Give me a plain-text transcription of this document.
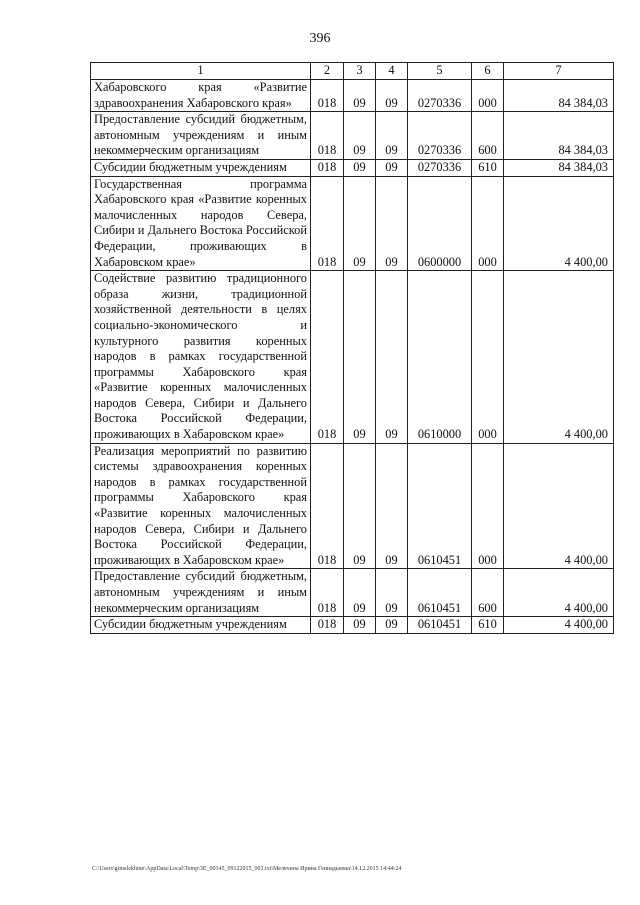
396
1	2	3	4	5	6	7
Хабаровского края «Развитие здравоохранения Хабаровского края»	018	09	09	0270336	000	84 384,03
Предоставление субсидий бюджетным, автономным учреждениям и иным некоммерческим организациям	018	09	09	0270336	600	84 384,03
Субсидии бюджетным учреждениям	018	09	09	0270336	610	84 384,03
Государственная программа Хабаровского края «Развитие коренных малочисленных народов Севера, Сибири и Дальнего Востока Российской Федерации, проживающих в Хабаровском крае»	018	09	09	0600000	000	4 400,00
Содействие развитию традиционного образа жизни, традиционной хозяйственной деятельности в целях социально-экономического и культурного развития коренных народов в рамках государственной программы Хабаровского края «Развитие коренных малочисленных народов Севера, Сибири и Дальнего Востока Российской Федерации, проживающих в Хабаровском крае»	018	09	09	0610000	000	4 400,00
Реализация мероприятий по развитию системы здравоохранения коренных народов в рамках государственной программы Хабаровского края «Развитие коренных малочисленных народов Севера, Сибири и Дальнего Востока Российской Федерации, проживающих в Хабаровском крае»	018	09	09	0610451	000	4 400,00
Предоставление субсидий бюджетным, автономным учреждениям и иным некоммерческим организациям	018	09	09	0610451	600	4 400,00
Субсидии бюджетным учреждениям	018	09	09	0610451	610	4 400,00
C:\Users\gimelekhine\AppData\Local\Temp\3E_00145_09122015_003.txt\Мелехина Ирина Геннадьевна\14.12.2015 14:44:24
